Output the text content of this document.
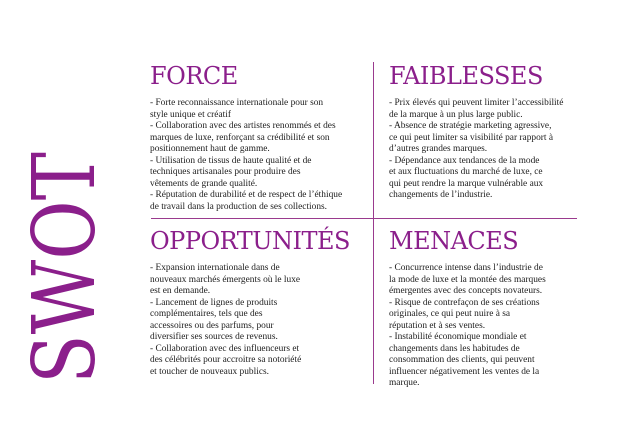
SWOT
FORCE
- Forte reconnaissance internationale pour son
style unique et créatif
- Collaboration avec des artistes renommés et des
marques de luxe, renforçant sa crédibilité et son
positionnement haut de gamme.
- Utilisation de tissus de haute qualité et de
techniques artisanales pour produire des
vêtements de grande qualité.
- Réputation de durabilité et de respect de l’éthique
de travail dans la production de ses collections.
FAIBLESSES
- Prix élevés qui peuvent limiter l’accessibilité
de la marque à un plus large public.
- Absence de stratégie marketing agressive,
ce qui peut limiter sa visibilité par rapport à
d’autres grandes marques.
- Dépendance aux tendances de la mode
et aux fluctuations du marché de luxe, ce
qui peut rendre la marque vulnérable aux
changements de l’industrie.
OPPORTUNITÉS
- Expansion internationale dans de
nouveaux marchés émergents où le luxe
est en demande.
- Lancement de lignes de produits
complémentaires, tels que des
accessoires ou des parfums, pour
diversifier ses sources de revenus.
- Collaboration avec des influenceurs et
des célébrités pour accroitre sa notoriété
et toucher de nouveaux publics.
MENACES
- Concurrence intense dans l’industrie de
la mode de luxe et la montée des marques
émergentes avec des concepts novateurs.
- Risque de contrefaçon de ses créations
originales, ce qui peut nuire à sa
réputation et à ses ventes.
- Instabilité économique mondiale et
changements dans les habitudes de
consommation des clients, qui peuvent
influencer négativement les ventes de la
marque.
